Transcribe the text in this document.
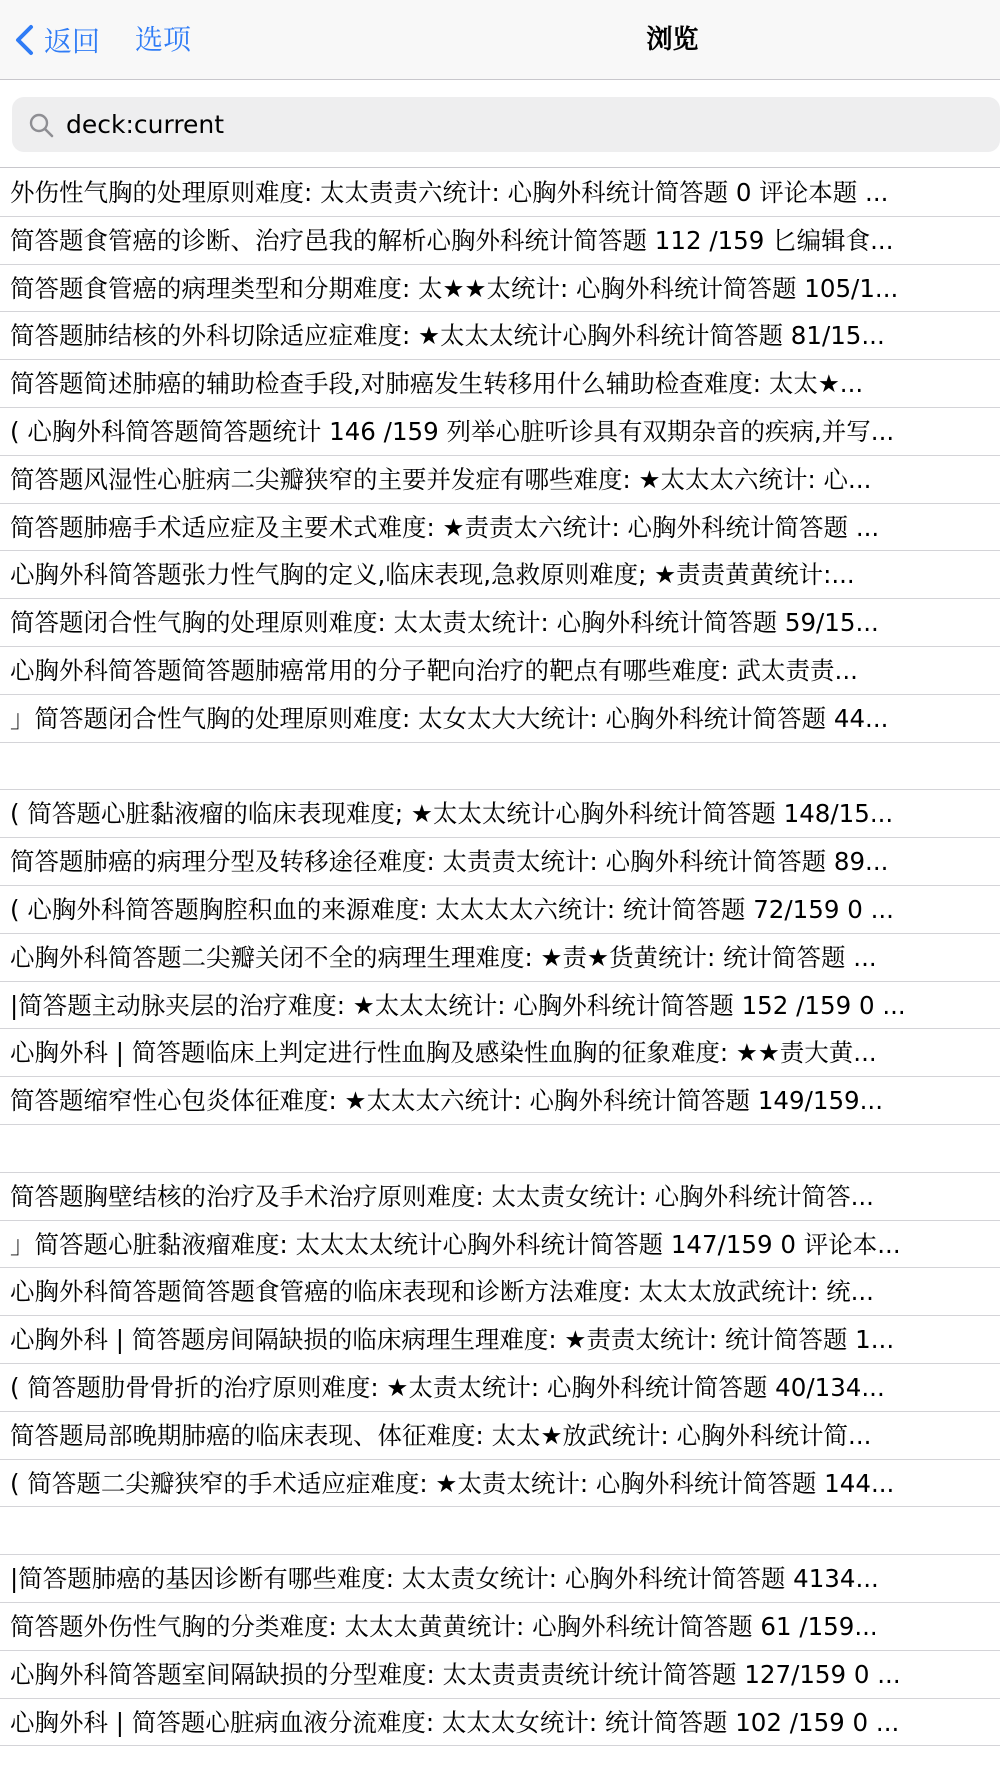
返回 选项	浏览
deck:current
外伤性气胸的处理原则难度: 太太责责六统计: 心胸外科统计简答题 0 评论本题 ...
简答题食管癌的诊断、治疗邑我的解析心胸外科统计简答题 112 /159 匕编辑食...
简答题食管癌的病理类型和分期难度: 太★★太统计: 心胸外科统计简答题 105/1...
简答题肺结核的外科切除适应症难度: ★太太太统计心胸外科统计简答题 81/15...
简答题简述肺癌的辅助检查手段,对肺癌发生转移用什么辅助检查难度: 太太★...
( 心胸外科简答题简答题统计 146 /159 列举心脏听诊具有双期杂音的疾病,并写...
简答题风湿性心脏病二尖瓣狭窄的主要并发症有哪些难度: ★太太太六统计: 心...
简答题肺癌手术适应症及主要术式难度: ★责责太六统计: 心胸外科统计简答题 ...
心胸外科简答题张力性气胸的定义,临床表现,急救原则难度; ★责责黄黄统计:...
简答题闭合性气胸的处理原则难度: 太太责太统计: 心胸外科统计简答题 59/15...
心胸外科简答题简答题肺癌常用的分子靶向治疗的靶点有哪些难度: 武太责责...
」简答题闭合性气胸的处理原则难度: 太女太大大统计: 心胸外科统计简答题 44...
( 简答题心脏黏液瘤的临床表现难度; ★太太太统计心胸外科统计简答题 148/15...
简答题肺癌的病理分型及转移途径难度: 太责责太统计: 心胸外科统计简答题 89...
( 心胸外科简答题胸腔积血的来源难度: 太太太太六统计: 统计简答题 72/159 0 ...
心胸外科简答题二尖瓣关闭不全的病理生理难度: ★责★货黄统计: 统计简答题 ...
|简答题主动脉夹层的治疗难度: ★太太太统计: 心胸外科统计简答题 152 /159 0 ...
心胸外科 | 简答题临床上判定进行性血胸及感染性血胸的征象难度: ★★责大黄...
简答题缩窄性心包炎体征难度: ★太太太六统计: 心胸外科统计简答题 149/159...
简答题胸壁结核的治疗及手术治疗原则难度: 太太责女统计: 心胸外科统计简答...
」简答题心脏黏液瘤难度: 太太太太统计心胸外科统计简答题 147/159 0 评论本...
心胸外科简答题简答题食管癌的临床表现和诊断方法难度: 太太太放武统计: 统...
心胸外科 | 简答题房间隔缺损的临床病理生理难度: ★责责太统计: 统计简答题 1...
( 简答题肋骨骨折的治疗原则难度: ★太责太统计: 心胸外科统计简答题 40/134...
简答题局部晚期肺癌的临床表现、体征难度: 太太★放武统计: 心胸外科统计简...
( 简答题二尖瓣狭窄的手术适应症难度: ★太责太统计: 心胸外科统计简答题 144...
|简答题肺癌的基因诊断有哪些难度: 太太责女统计: 心胸外科统计简答题 4134...
简答题外伤性气胸的分类难度: 太太太黄黄统计: 心胸外科统计简答题 61 /159...
心胸外科简答题室间隔缺损的分型难度: 太太责责责统计统计简答题 127/159 0 ...
心胸外科 | 简答题心脏病血液分流难度: 太太太女统计: 统计简答题 102 /159 0 ...
